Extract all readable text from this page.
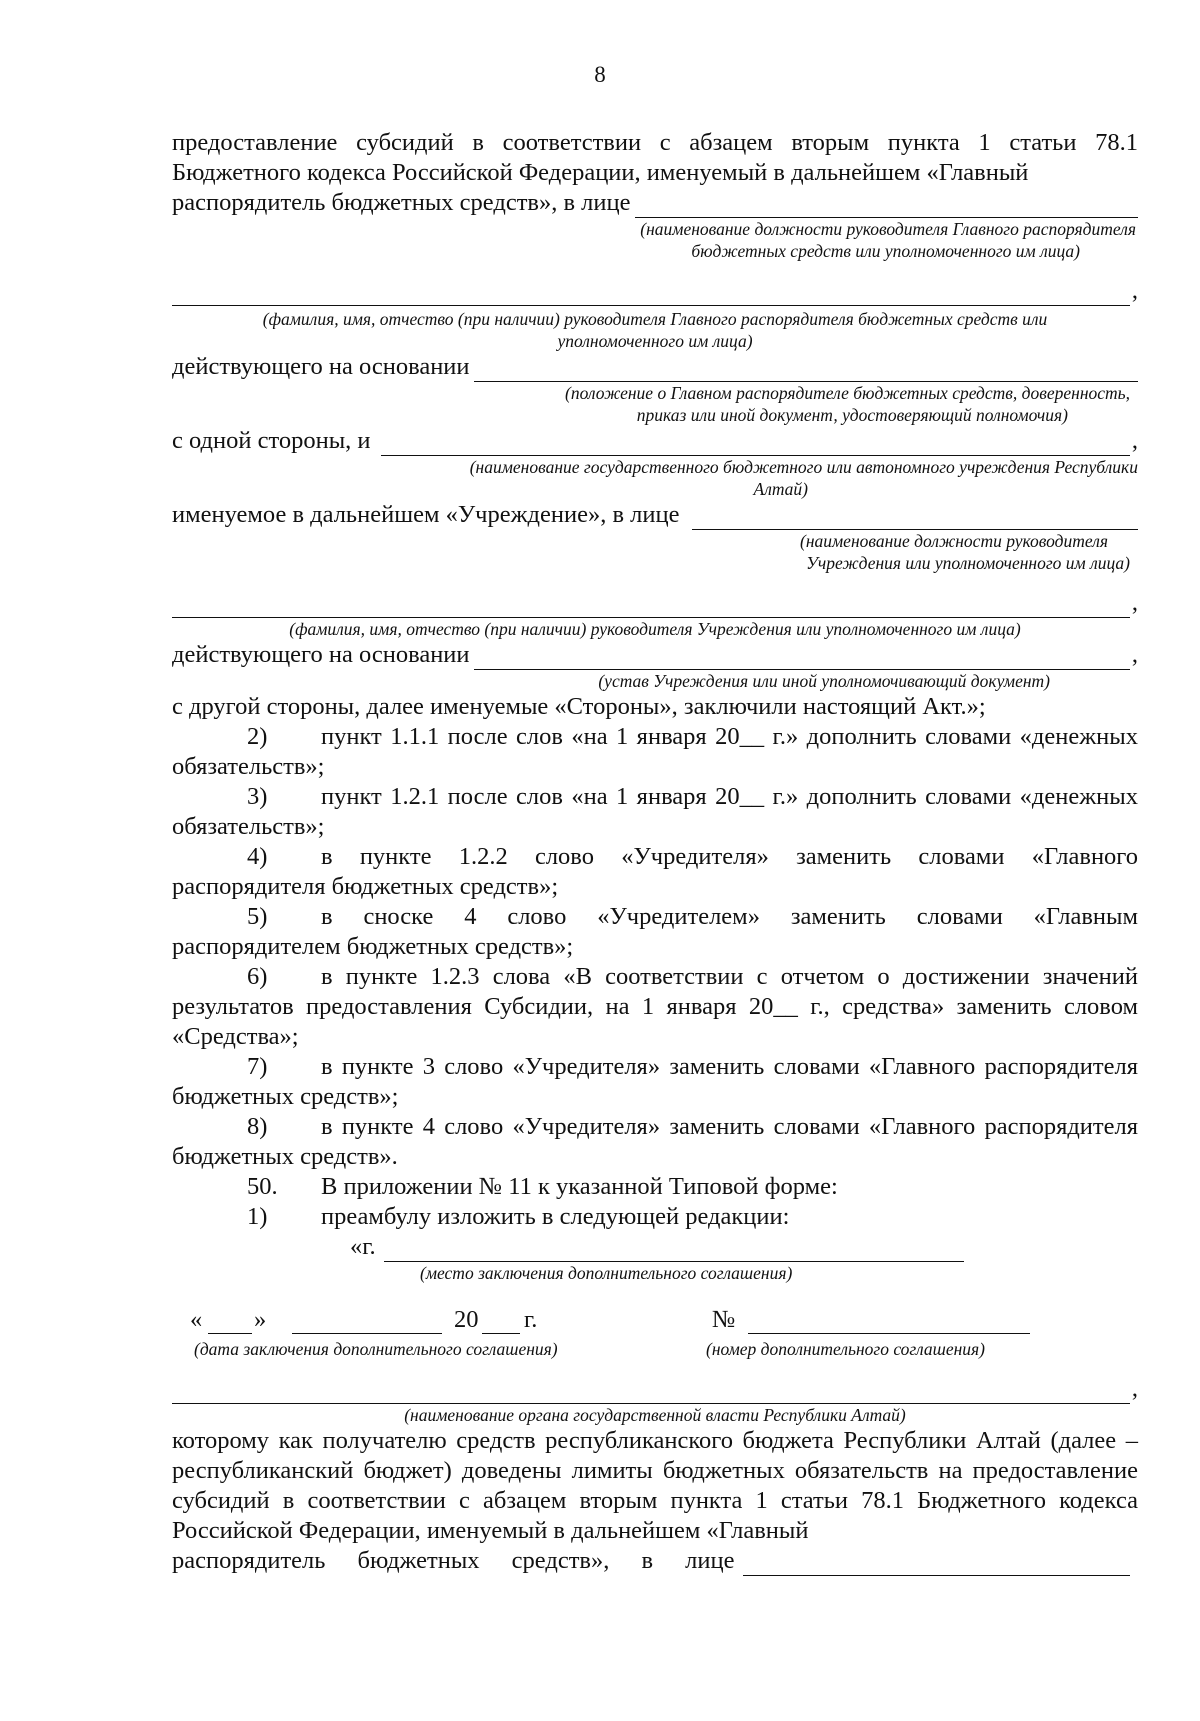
8
предоставление субсидий в соответствии с абзацем вторым пункта 1 статьи 78.1 Бюджетного кодекса Российской Федерации, именуемый в дальнейшем «Главный
распорядитель бюджетных средств», в лице
(наименование должности руководителя Главного распорядителя
бюджетных средств или уполномоченного им лица)
,
(фамилия, имя, отчество (при наличии) руководителя Главного распорядителя бюджетных средств или
уполномоченного им лица)
действующего на основании
(положение о Главном распорядителе бюджетных средств, доверенность,
приказ или иной документ, удостоверяющий полномочия)
с одной стороны, и	,
(наименование государственного бюджетного или автономного учреждения Республики
Алтай)
именуемое в дальнейшем «Учреждение», в лице
(наименование должности руководителя
Учреждения или уполномоченного им лица)
,
(фамилия, имя, отчество (при наличии) руководителя Учреждения или уполномоченного им лица)
действующего на основании	,
(устав Учреждения или иной уполномочивающий документ)
с другой стороны, далее именуемые «Стороны», заключили настоящий Акт.»;
2) пункт 1.1.1 после слов «на 1 января 20__ г.» дополнить словами «денежных обязательств»;
3) пункт 1.2.1 после слов «на 1 января 20__ г.» дополнить словами «денежных обязательств»;
4) в пункте 1.2.2 слово «Учредителя» заменить словами «Главного распорядителя бюджетных средств»;
5) в сноске 4 слово «Учредителем» заменить словами «Главным распорядителем бюджетных средств»;
6) в пункте 1.2.3 слова «В соответствии с отчетом о достижении значений результатов предоставления Субсидии, на 1 января 20__ г., средства» заменить словом «Средства»;
7) в пункте 3 слово «Учредителя» заменить словами «Главного распорядителя бюджетных средств»;
8) в пункте 4 слово «Учредителя» заменить словами «Главного распорядителя бюджетных средств».
50. В приложении № 11 к указанной Типовой форме:
1) преамбулу изложить в следующей редакции:
«г.
(место заключения дополнительного соглашения)
« »	20 г.	№
(дата заключения дополнительного соглашения)	(номер дополнительного соглашения)
,
(наименование органа государственной власти Республики Алтай)
которому как получателю средств республиканского бюджета Республики Алтай (далее – республиканский бюджет) доведены лимиты бюджетных обязательств на предоставление субсидий в соответствии с абзацем вторым пункта 1 статьи 78.1 Бюджетного кодекса Российской Федерации, именуемый в дальнейшем «Главный
распорядитель бюджетных средств», в лице
